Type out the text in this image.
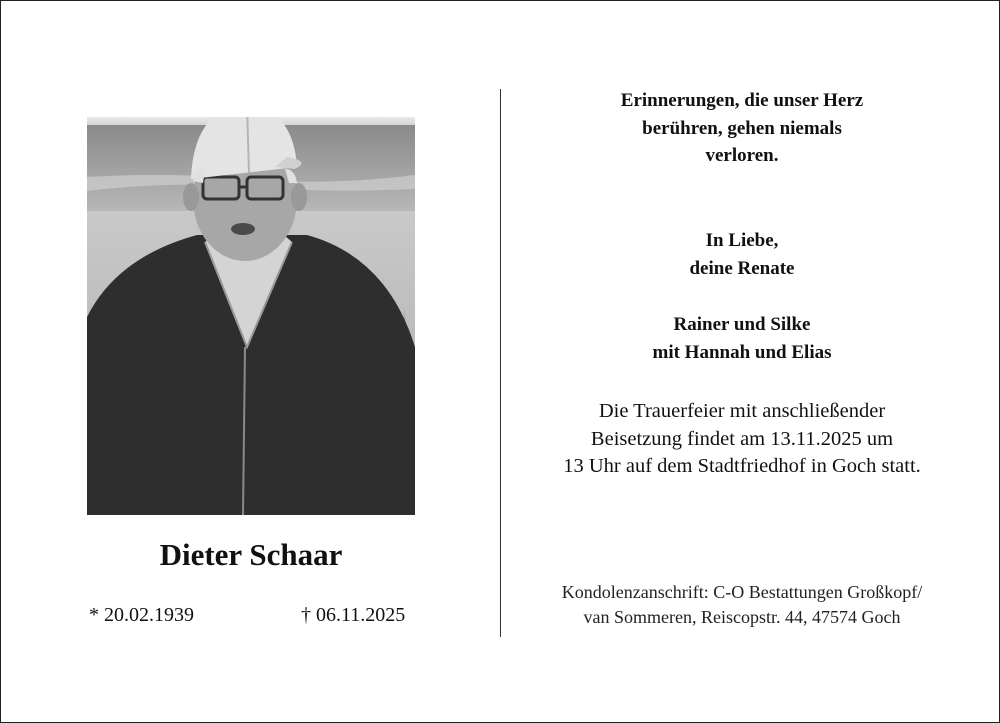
Dieter Schaar
* 20.02.1939	† 06.11.2025
Erinnerungen, die unser Herz
berühren, gehen niemals
verloren.
In Liebe,
deine Renate
Rainer und Silke
mit Hannah und Elias
Die Trauerfeier mit anschließender
Beisetzung findet am 13.11.2025 um
13 Uhr auf dem Stadtfriedhof in Goch statt.
Kondolenzanschrift: C-O Bestattungen Großkopf/
van Sommeren, Reiscopstr. 44, 47574 Goch
